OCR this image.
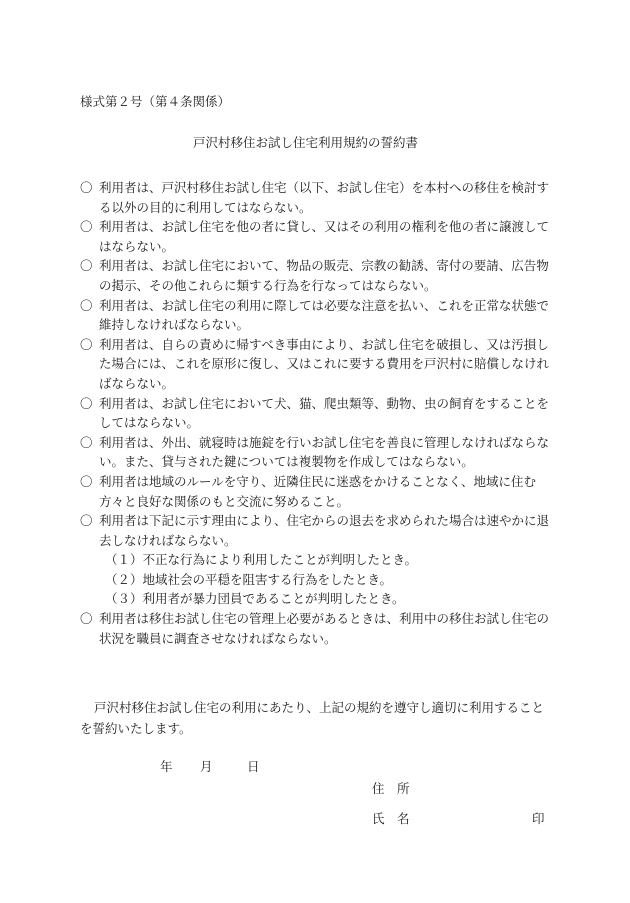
様式第２号（第４条関係）
戸沢村移住お試し住宅利用規約の誓約書
〇 利用者は、戸沢村移住お試し住宅（以下、お試し住宅）を本村への移住を検討する以外の目的に利用してはならない。
〇 利用者は、お試し住宅を他の者に貸し、又はその利用の権利を他の者に譲渡してはならない。
〇 利用者は、お試し住宅において、物品の販売、宗教の勧誘、寄付の要請、広告物の掲示、その他これらに類する行為を行なってはならない。
〇 利用者は、お試し住宅の利用に際しては必要な注意を払い、これを正常な状態で維持しなければならない。
〇 利用者は、自らの責めに帰すべき事由により、お試し住宅を破損し、又は汚損した場合には、これを原形に復し、又はこれに要する費用を戸沢村に賠償しなければならない。
〇 利用者は、お試し住宅において犬、猫、爬虫類等、動物、虫の飼育をすることをしてはならない。
〇 利用者は、外出、就寝時は施錠を行いお試し住宅を善良に管理しなければならない。また、貸与された鍵については複製物を作成してはならない。
〇 利用者は地域のルールを守り、近隣住民に迷惑をかけることなく、地域に住む方々と良好な関係のもと交流に努めること。
〇 利用者は下記に示す理由により、住宅からの退去を求められた場合は速やかに退去しなければならない。
（１）不正な行為により利用したことが判明したとき。
（２）地域社会の平穏を阻害する行為をしたとき。
（３）利用者が暴力団員であることが判明したとき。
〇 利用者は移住お試し住宅の管理上必要があるときは、利用中の移住お試し住宅の状況を職員に調査させなければならない。
戸沢村移住お試し住宅の利用にあたり、上記の規約を遵守し適切に利用することを誓約いたします。
年 月	日
住　所
氏　名	印
